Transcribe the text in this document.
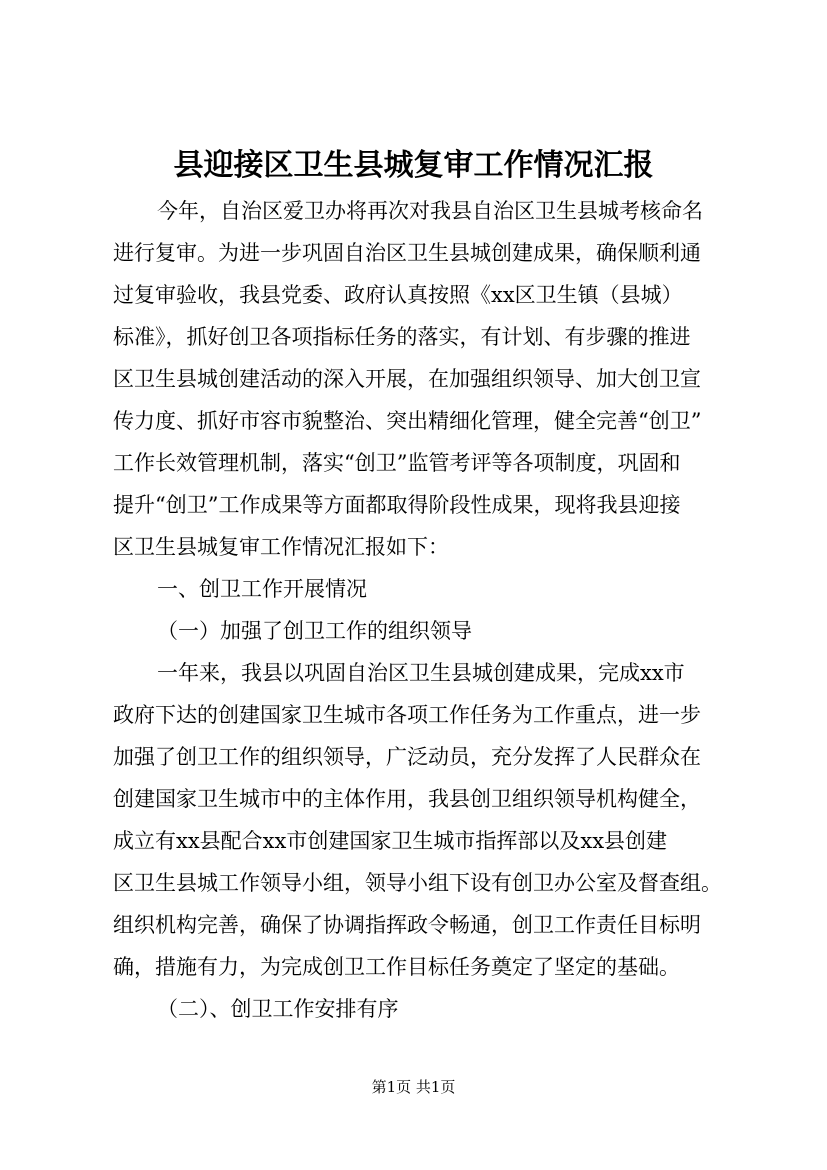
县迎接区卫生县城复审工作情况汇报
今年，自治区爱卫办将再次对我县自治区卫生县城考核命名
进行复审。为进一步巩固自治区卫生县城创建成果，确保顺利通
过复审验收，我县党委、政府认真按照《xx区卫生镇（县城）
标准》，抓好创卫各项指标任务的落实，有计划、有步骤的推进
区卫生县城创建活动的深入开展，在加强组织领导、加大创卫宣
传力度、抓好市容市貌整治、突出精细化管理，健全完善“创卫”
工作长效管理机制，落实“创卫”监管考评等各项制度，巩固和
提升“创卫”工作成果等方面都取得阶段性成果，现将我县迎接
区卫生县城复审工作情况汇报如下：
一、创卫工作开展情况
（一）加强了创卫工作的组织领导
一年来，我县以巩固自治区卫生县城创建成果，完成xx市
政府下达的创建国家卫生城市各项工作任务为工作重点，进一步
加强了创卫工作的组织领导，广泛动员，充分发挥了人民群众在
创建国家卫生城市中的主体作用，我县创卫组织领导机构健全，
成立有xx县配合xx市创建国家卫生城市指挥部以及xx县创建
区卫生县城工作领导小组，领导小组下设有创卫办公室及督查组。
组织机构完善，确保了协调指挥政令畅通，创卫工作责任目标明
确，措施有力，为完成创卫工作目标任务奠定了坚定的基础。
（二）、创卫工作安排有序
第1页 共1页
